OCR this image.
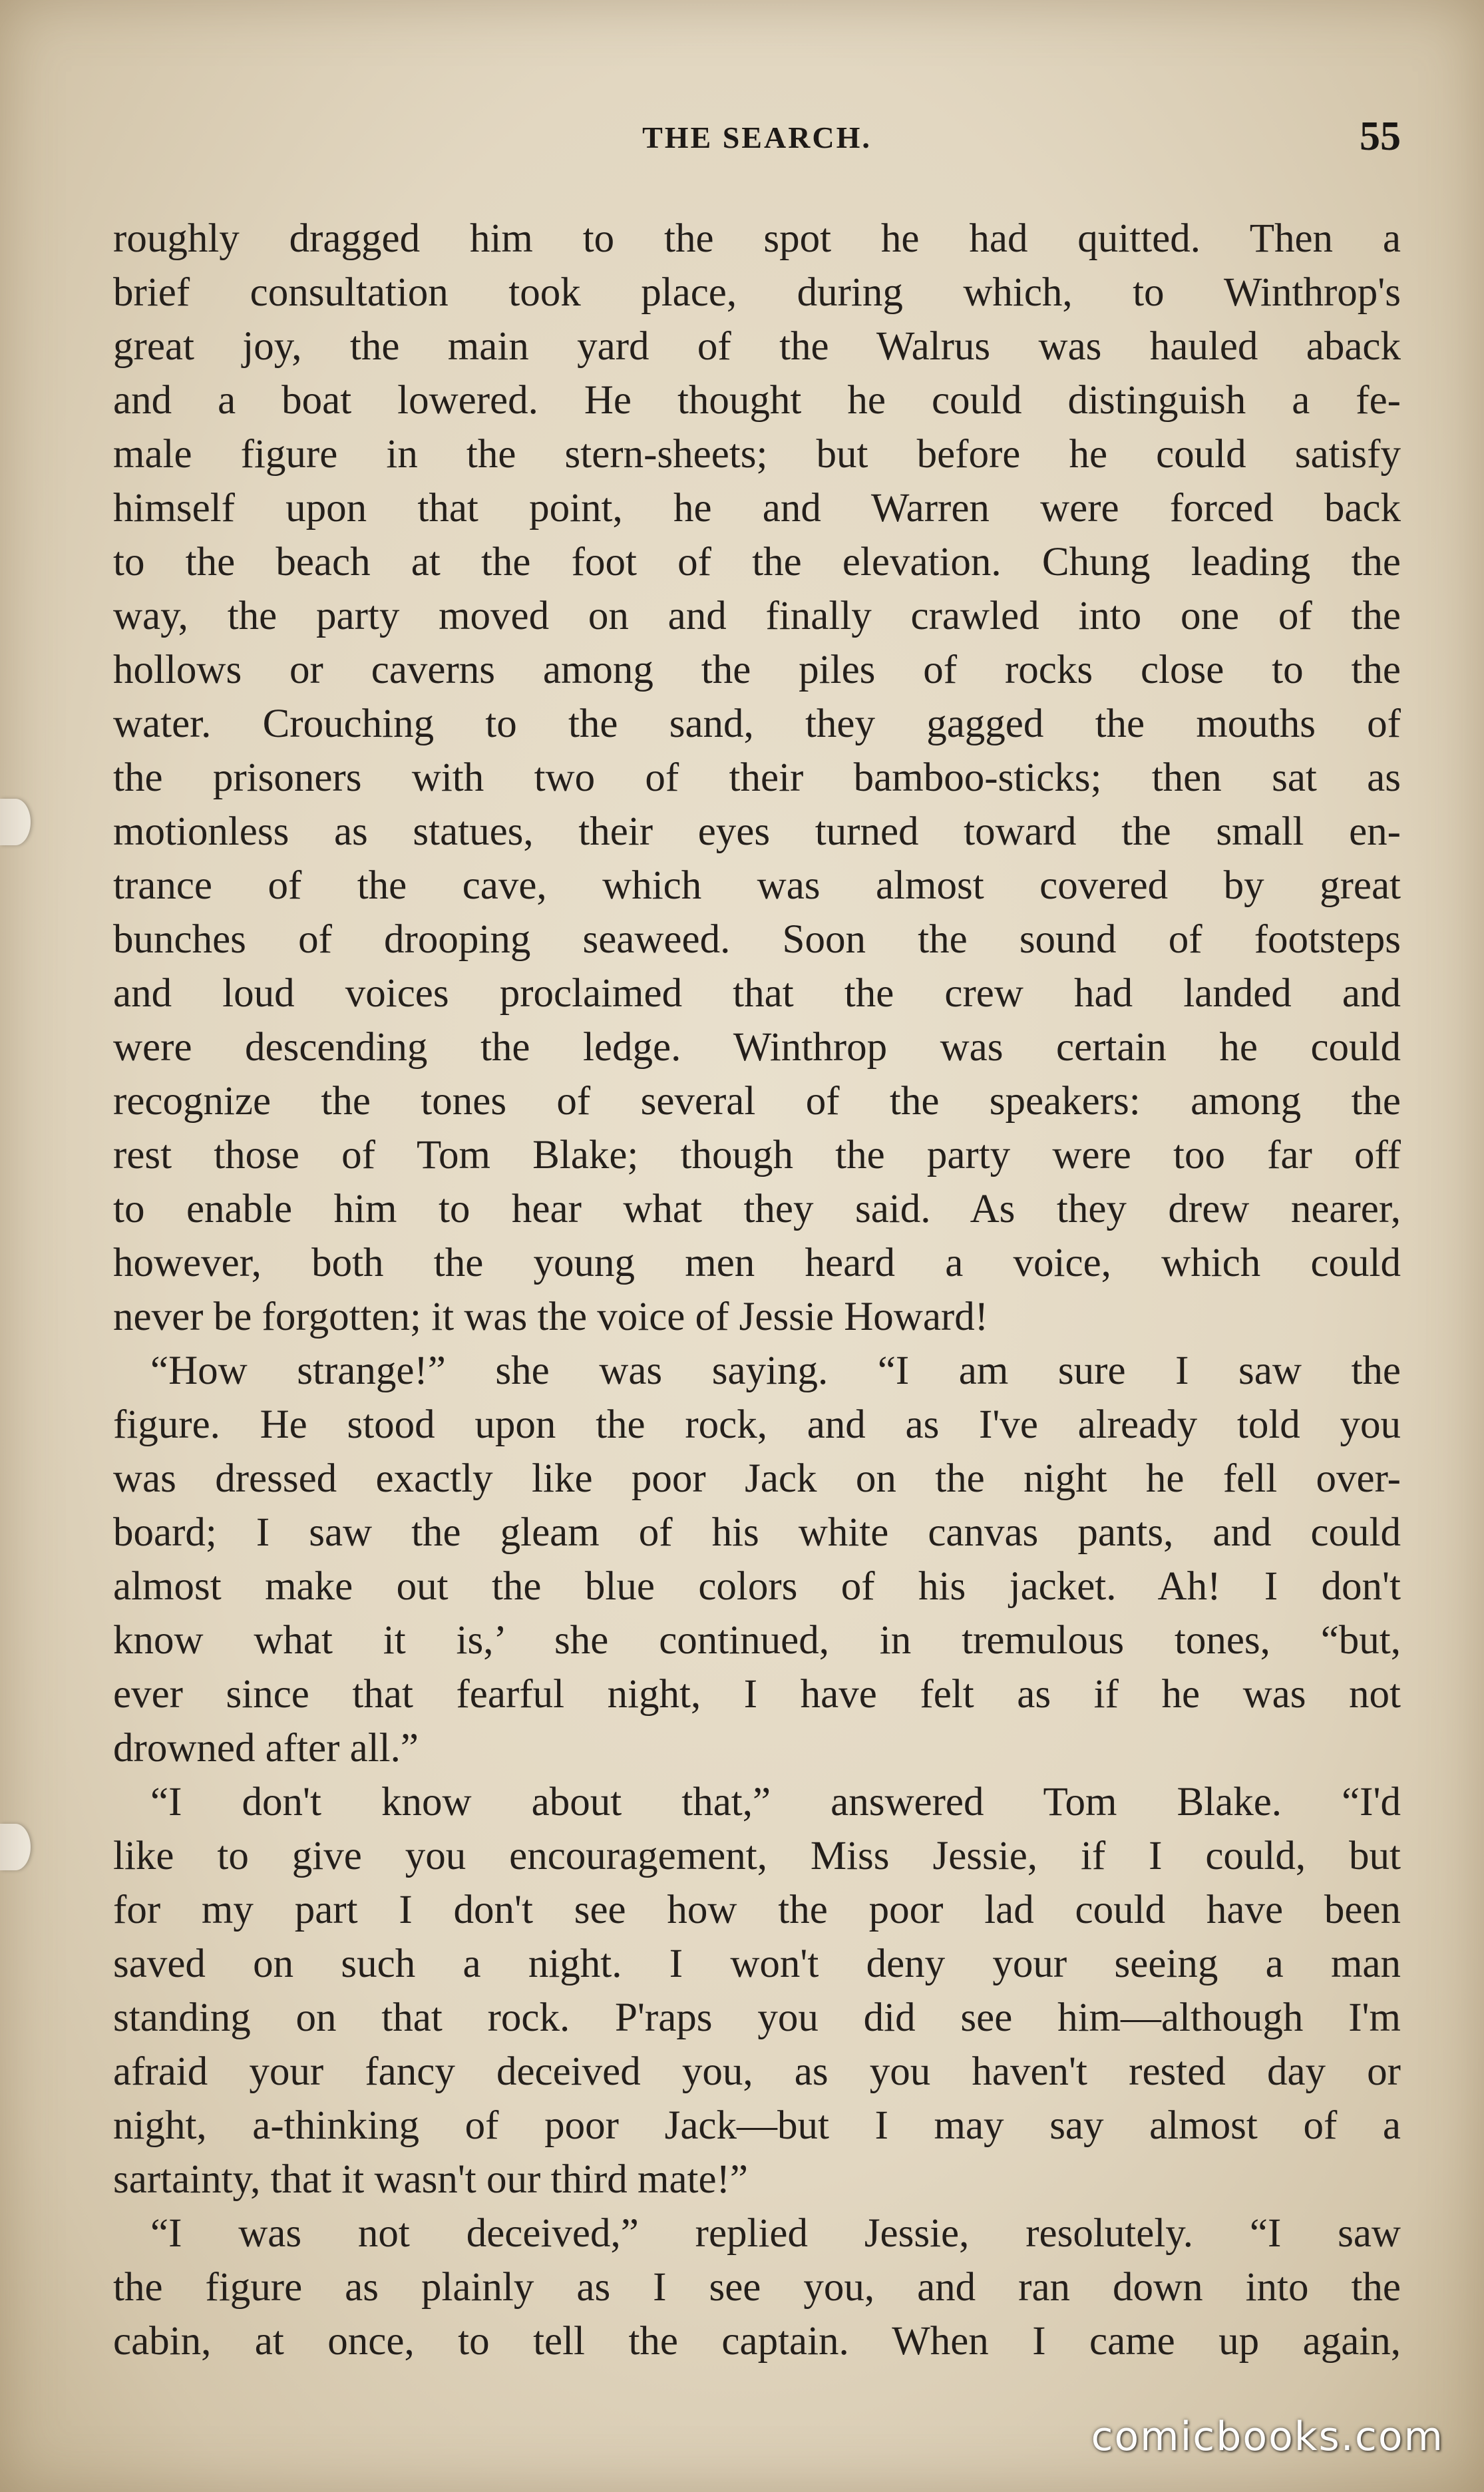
THE SEARCH.	55
roughly dragged him to the spot he had quitted. Then a
brief consultation took place, during which, to Winthrop's
great joy, the main yard of the Walrus was hauled aback
and a boat lowered. He thought he could distinguish a fe-
male figure in the stern-sheets; but before he could satisfy
himself upon that point, he and Warren were forced back
to the beach at the foot of the elevation. Chung leading the
way, the party moved on and finally crawled into one of the
hollows or caverns among the piles of rocks close to the
water. Crouching to the sand, they gagged the mouths of
the prisoners with two of their bamboo-sticks; then sat as
motionless as statues, their eyes turned toward the small en-
trance of the cave, which was almost covered by great
bunches of drooping seaweed. Soon the sound of footsteps
and loud voices proclaimed that the crew had landed and
were descending the ledge. Winthrop was certain he could
recognize the tones of several of the speakers: among the
rest those of Tom Blake; though the party were too far off
to enable him to hear what they said. As they drew nearer,
however, both the young men heard a voice, which could
never be forgotten; it was the voice of Jessie Howard!
“How strange!” she was saying. “I am sure I saw the
figure. He stood upon the rock, and as I've already told you
was dressed exactly like poor Jack on the night he fell over-
board; I saw the gleam of his white canvas pants, and could
almost make out the blue colors of his jacket. Ah! I don't
know what it is,’ she continued, in tremulous tones, “but,
ever since that fearful night, I have felt as if he was not
drowned after all.”
“I don't know about that,” answered Tom Blake. “I'd
like to give you encouragement, Miss Jessie, if I could, but
for my part I don't see how the poor lad could have been
saved on such a night. I won't deny your seeing a man
standing on that rock. P'raps you did see him—although I'm
afraid your fancy deceived you, as you haven't rested day or
night, a-thinking of poor Jack—but I may say almost of a
sartainty, that it wasn't our third mate!”
“I was not deceived,” replied Jessie, resolutely. “I saw
the figure as plainly as I see you, and ran down into the
cabin, at once, to tell the captain. When I came up again,
comicbooks.com
